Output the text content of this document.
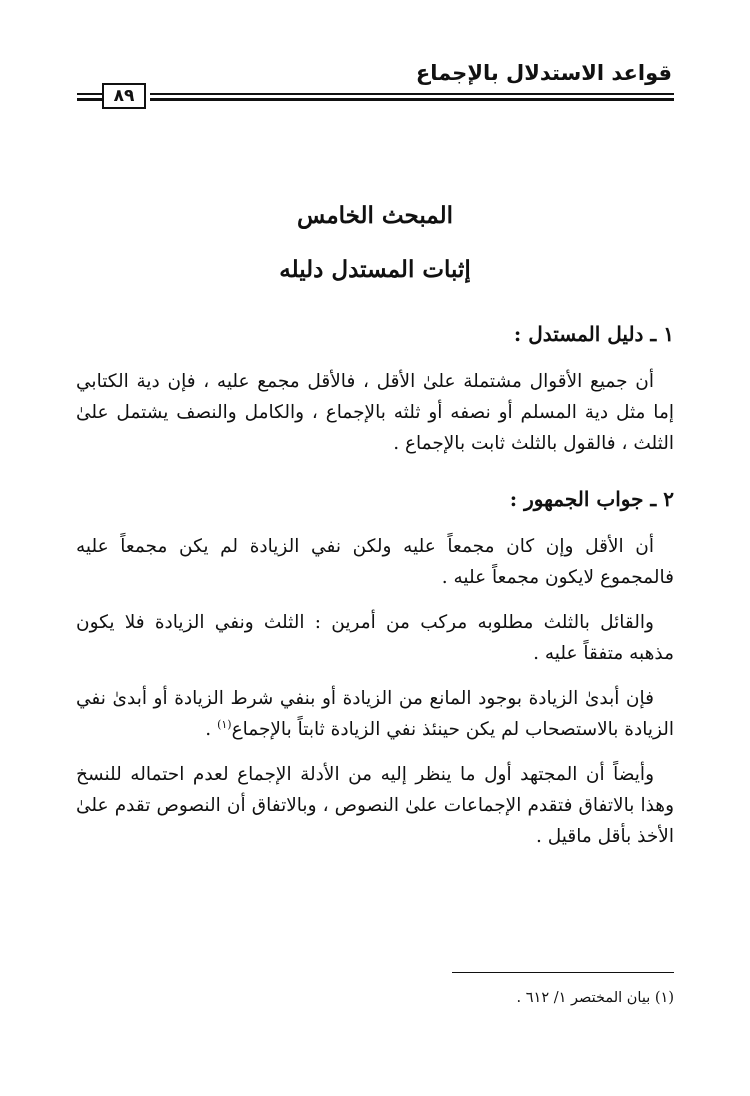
قواعد الاستدلال بالإجماع
٨٩
المبحث الخامس
إثبات المستدل دليله
١ ـ دليل المستدل :

أن جميع الأقوال مشتملة علىٰ الأقل ، فالأقل مجمع عليه ، فإن دية الكتابي إما مثل دية المسلم أو نصفه أو ثلثه بالإجماع ، والكامل والنصف يشتمل علىٰ الثلث ، فالقول بالثلث ثابت بالإجماع .

٢ ـ جواب الجمهور :

أن الأقل وإن كان مجمعاً عليه ولكن نفي الزيادة لم يكن مجمعاً عليه فالمجموع لايكون مجمعاً عليه .

والقائل بالثلث مطلوبه مركب من أمرين : الثلث ونفي الزيادة فلا يكون مذهبه متفقاً عليه .

فإن أبدىٰ الزيادة بوجود المانع من الزيادة أو بنفي شرط الزيادة أو أبدىٰ نفي الزيادة بالاستصحاب لم يكن حينئذ نفي الزيادة ثابتاً بالإجماع$^{(١)}$ .

وأيضاً أن المجتهد أول ما ينظر إليه من الأدلة الإجماع لعدم احتماله للنسخ وهذا بالاتفاق فتقدم الإجماعات علىٰ النصوص ، وبالاتفاق أن النصوص تقدم علىٰ الأخذ بأقل ماقيل .

(١) بيان المختصر ١/ ٦١٢ .
